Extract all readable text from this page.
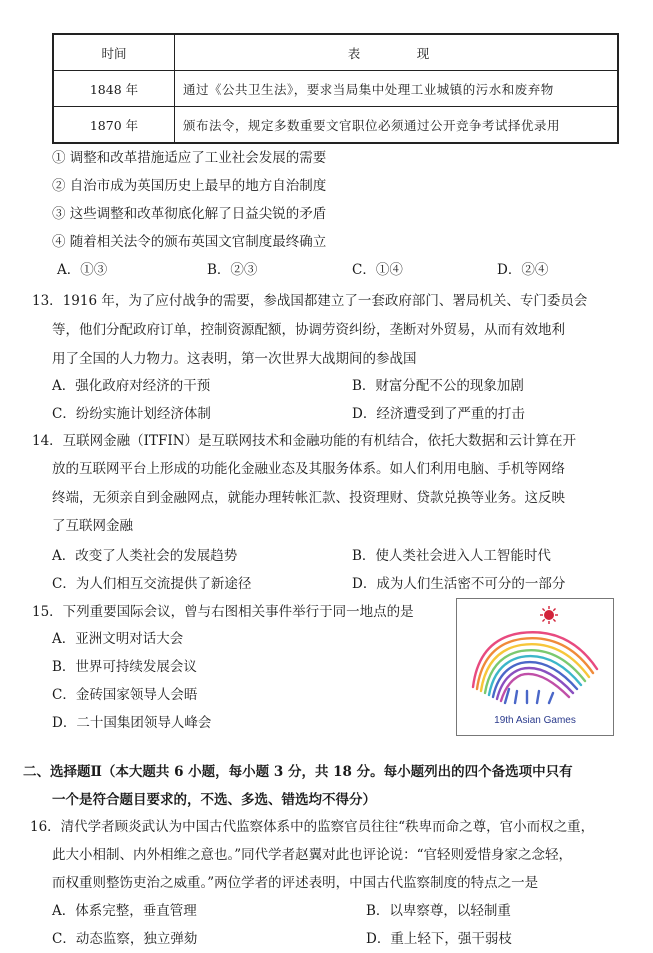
时间	表　现
1848 年	通过《公共卫生法》，要求当局集中处理工业城镇的污水和废弃物
1870 年	颁布法令，规定多数重要文官职位必须通过公开竞争考试择优录用
① 调整和改革措施适应了工业社会发展的需要
② 自治市成为英国历史上最早的地方自治制度
③ 这些调整和改革彻底化解了日益尖锐的矛盾
④ 随着相关法令的颁布英国文官制度最终确立
A．①③	B．②③	C．①④	D．②④
13．1916 年，为了应付战争的需要，参战国都建立了一套政府部门、署局机关、专门委员会
等，他们分配政府订单，控制资源配额，协调劳资纠纷，垄断对外贸易，从而有效地利
用了全国的人力物力。这表明，第一次世界大战期间的参战国
A．强化政府对经济的干预	B．财富分配不公的现象加剧
C．纷纷实施计划经济体制	D．经济遭受到了严重的打击
14．互联网金融（ITFIN）是互联网技术和金融功能的有机结合，依托大数据和云计算在开
放的互联网平台上形成的功能化金融业态及其服务体系。如人们利用电脑、手机等网络
终端，无须亲自到金融网点，就能办理转帐汇款、投资理财、贷款兑换等业务。这反映
了互联网金融
A．改变了人类社会的发展趋势	B．使人类社会进入人工智能时代
C．为人们相互交流提供了新途径	D．成为人们生活密不可分的一部分
15．下列重要国际会议，曾与右图相关事件举行于同一地点的是
A．亚洲文明对话大会
B．世界可持续发展会议
C．金砖国家领导人会晤
D．二十国集团领导人峰会	19th Asian Games
二、选择题Ⅱ（本大题共 6 小题，每小题 3 分，共 18 分。每小题列出的四个备选项中只有
一个是符合题目要求的，不选、多选、错选均不得分）
16．清代学者顾炎武认为中国古代监察体系中的监察官员往往“秩卑而命之尊，官小而权之重，
此大小相制、内外相维之意也。”同代学者赵翼对此也评论说：“官轻则爱惜身家之念轻，
而权重则整饬吏治之威重。”两位学者的评述表明，中国古代监察制度的特点之一是
A．体系完整，垂直管理	B．以卑察尊，以轻制重
C．动态监察，独立弹劾	D．重上轻下，强干弱枝
